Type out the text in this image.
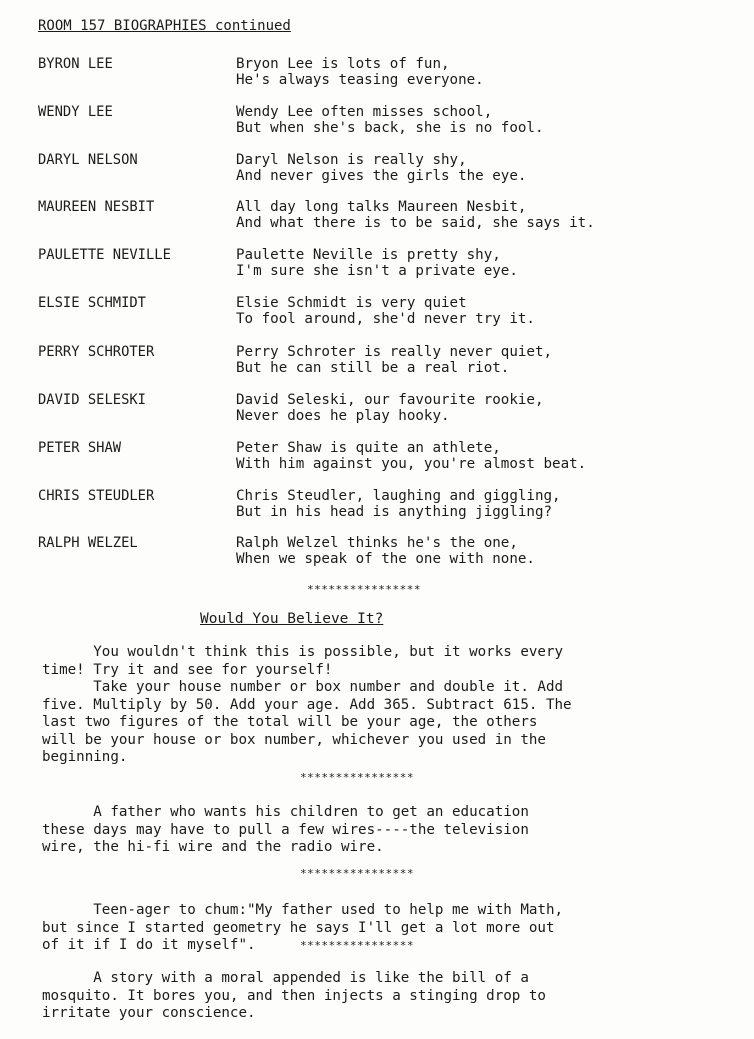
ROOM 157 BIOGRAPHIES continued
BYRON LEE	Bryon Lee is lots of fun,
He's always teasing everyone.
WENDY LEE	Wendy Lee often misses school,
But when she's back, she is no fool.
DARYL NELSON	Daryl Nelson is really shy,
And never gives the girls the eye.
MAUREEN NESBIT	All day long talks Maureen Nesbit,
And what there is to be said, she says it.
PAULETTE NEVILLE	Paulette Neville is pretty shy,
I'm sure she isn't a private eye.
ELSIE SCHMIDT	Elsie Schmidt is very quiet
To fool around, she'd never try it.
PERRY SCHROTER	Perry Schroter is really never quiet,
But he can still be a real riot.
DAVID SELESKI	David Seleski, our favourite rookie,
Never does he play hooky.
PETER SHAW	Peter Shaw is quite an athlete,
With him against you, you're almost beat.
CHRIS STEUDLER	Chris Steudler, laughing and giggling,
But in his head is anything jiggling?
RALPH WELZEL	Ralph Welzel thinks he's the one,
When we speak of the one with none.
****************
Would You Believe It?
You wouldn't think this is possible, but it works every
time! Try it and see for yourself!
Take your house number or box number and double it. Add
five. Multiply by 50. Add your age. Add 365. Subtract 615. The
last two figures of the total will be your age, the others
will be your house or box number, whichever you used in the
beginning.
****************
A father who wants his children to get an education
these days may have to pull a few wires----the television
wire, the hi-fi wire and the radio wire.
****************
Teen-ager to chum:"My father used to help me with Math,
but since I started geometry he says I'll get a lot more out
of it if I do it myself".	****************
A story with a moral appended is like the bill of a
mosquito. It bores you, and then injects a stinging drop to
irritate your conscience.
